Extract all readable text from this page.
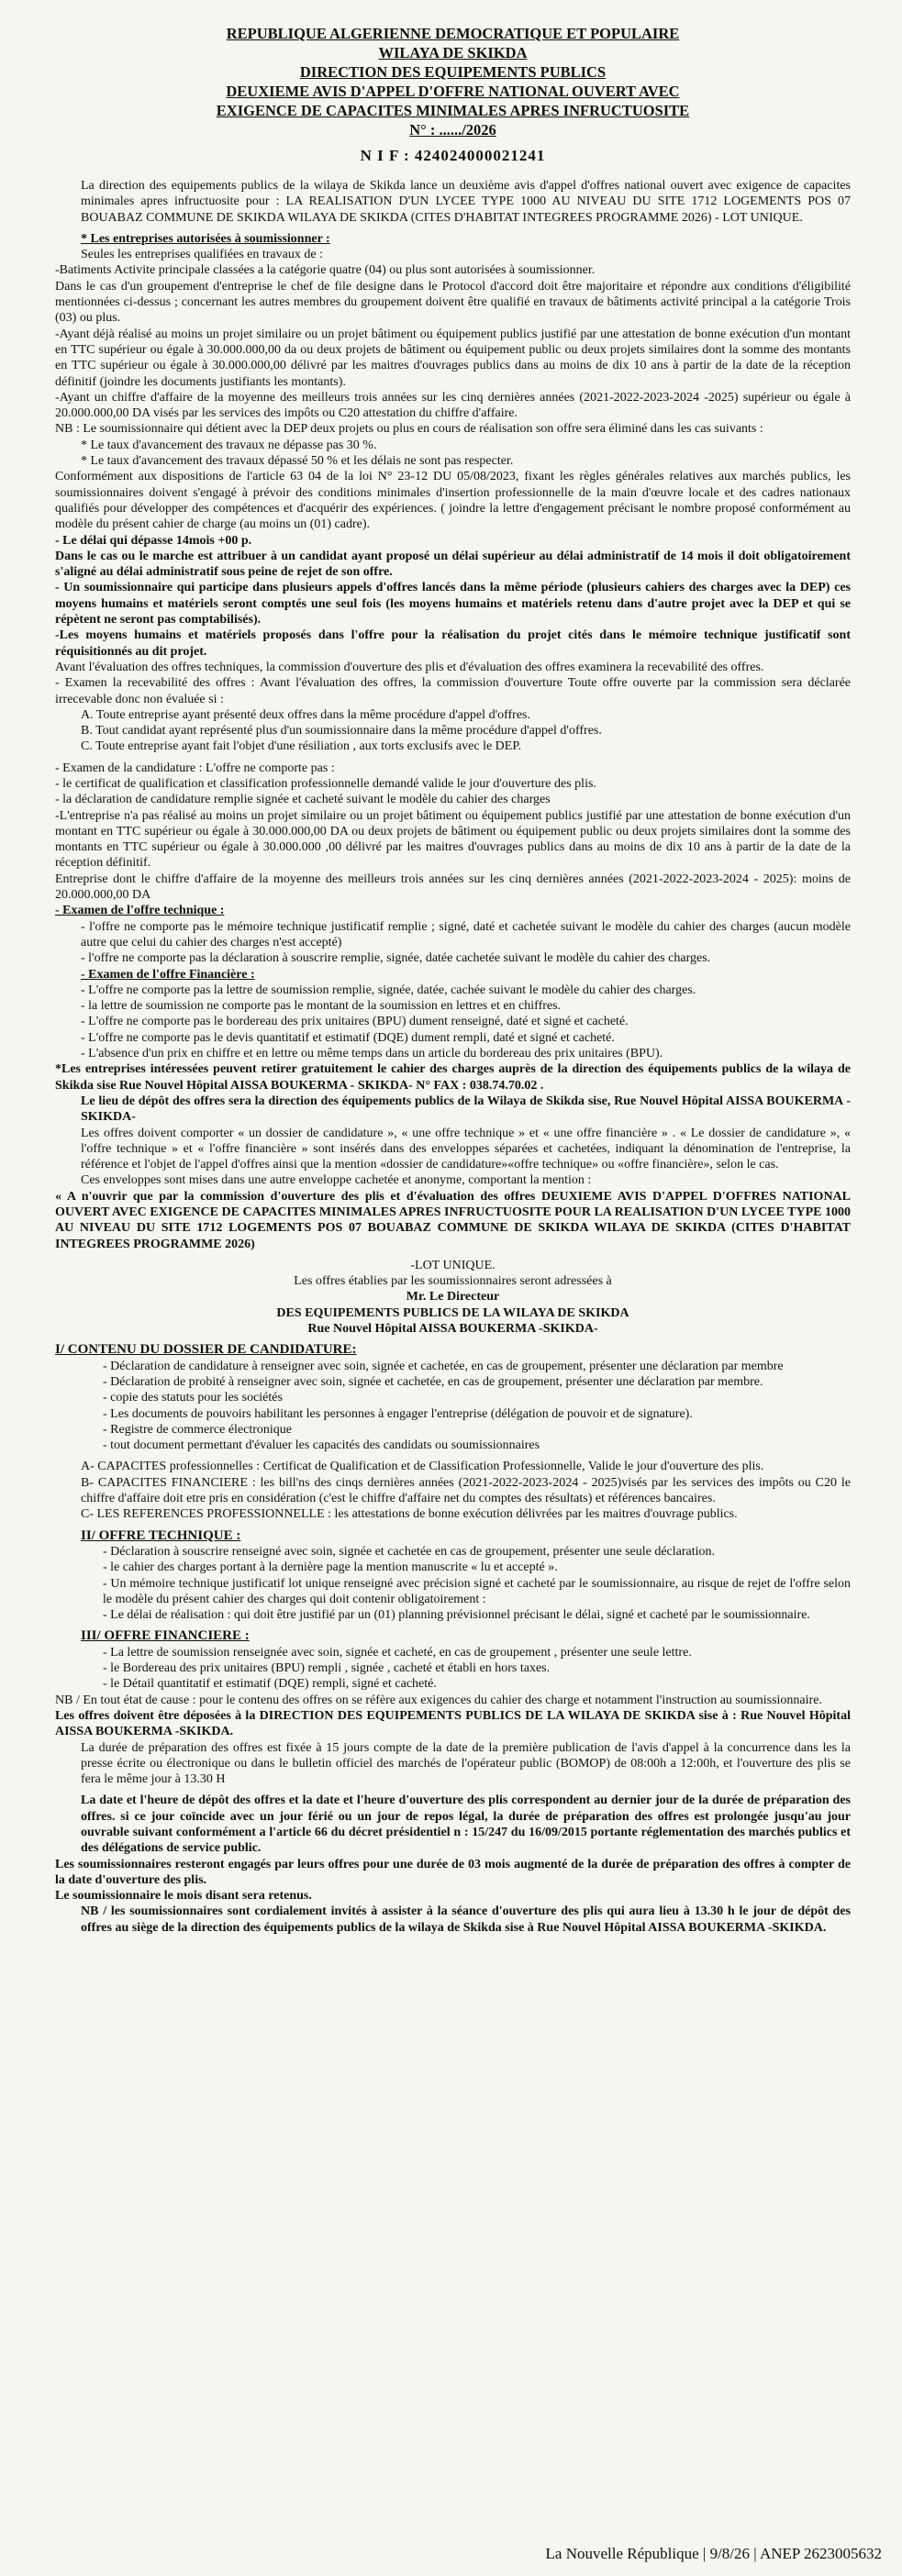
REPUBLIQUE ALGERIENNE DEMOCRATIQUE ET POPULAIRE
WILAYA DE SKIKDA
DIRECTION DES EQUIPEMENTS PUBLICS
DEUXIEME AVIS D'APPEL D'OFFRE NATIONAL OUVERT AVEC
EXIGENCE DE CAPACITES MINIMALES APRES INFRUCTUOSITE
N° : ....../2026
N I F : 424024000021241

La direction des equipements publics de la wilaya de Skikda lance un deuxième avis d'appel d'offres national ouvert avec exigence de capacites minimales apres infructuosite pour : LA REALISATION D'UN LYCEE TYPE 1000 AU NIVEAU DU SITE 1712 LOGEMENTS POS 07 BOUABAZ COMMUNE DE SKIKDA WILAYA DE SKIKDA (CITES D'HABITAT INTEGREES PROGRAMME 2026) - LOT UNIQUE.

* Les entreprises autorisées à soumissionner :

Seules les entreprises qualifiées en travaux de :

-Batiments Activite principale classées a la catégorie quatre (04) ou plus sont autorisées à soumissionner.

Dans le cas d'un groupement d'entreprise le chef de file designe dans le Protocol d'accord doit être majoritaire et répondre aux conditions d'éligibilité mentionnées ci-dessus ; concernant les autres membres du groupement doivent être qualifié en travaux de bâtiments activité principal a la catégorie Trois (03) ou plus.

-Ayant déjà réalisé au moins un projet similaire ou un projet bâtiment ou équipement publics justifié par une attestation de bonne exécution d'un montant en TTC supérieur ou égale à 30.000.000,00 da ou deux projets de bâtiment ou équipement public ou deux projets similaires dont la somme des montants en TTC supérieur ou égale à 30.000.000,00 délivré par les maitres d'ouvrages publics dans au moins de dix 10 ans à partir de la date de la réception définitif (joindre les documents justifiants les montants).

-Ayant un chiffre d'affaire de la moyenne des meilleurs trois années sur les cinq dernières années (2021-2022-2023-2024 -2025) supérieur ou égale à 20.000.000,00 DA visés par les services des impôts ou C20 attestation du chiffre d'affaire.

NB : Le soumissionnaire qui détient avec la DEP deux projets ou plus en cours de réalisation son offre sera éliminé dans les cas suivants :

* Le taux d'avancement des travaux ne dépasse pas 30 %.

* Le taux d'avancement des travaux dépassé 50 % et les délais ne sont pas respecter.

Conformément aux dispositions de l'article 63 04 de la loi N° 23-12 DU 05/08/2023, fixant les règles générales relatives aux marchés publics, les soumissionnaires doivent s'engagé à prévoir des conditions minimales d'insertion professionnelle de la main d'œuvre locale et des cadres nationaux qualifiés pour développer des compétences et d'acquérir des expériences. ( joindre la lettre d'engagement précisant le nombre proposé conformément au modèle du présent cahier de charge (au moins un (01) cadre).

- Le délai qui dépasse 14mois +00 p.

Dans le cas ou le marche est attribuer à un candidat ayant proposé un délai supérieur au délai administratif de 14 mois il doit obligatoirement s'aligné au délai administratif sous peine de rejet de son offre.

- Un soumissionnaire qui participe dans plusieurs appels d'offres lancés dans la même période (plusieurs cahiers des charges avec la DEP) ces moyens humains et matériels seront comptés une seul fois (les moyens humains et matériels retenu dans d'autre projet avec la DEP et qui se répètent ne seront pas comptabilisés).

-Les moyens humains et matériels proposés dans l'offre pour la réalisation du projet cités dans le mémoire technique justificatif sont réquisitionnés au dit projet.

Avant l'évaluation des offres techniques, la commission d'ouverture des plis et d'évaluation des offres examinera la recevabilité des offres.

- Examen la recevabilité des offres : Avant l'évaluation des offres, la commission d'ouverture Toute offre ouverte par la commission sera déclarée irrecevable donc non évaluée si :

A. Toute entreprise ayant présenté deux offres dans la même procédure d'appel d'offres.

B. Tout candidat ayant représenté plus d'un soumissionnaire dans la même procédure d'appel d'offres.

C. Toute entreprise ayant fait l'objet d'une résiliation , aux torts exclusifs avec le DEP.

- Examen de la candidature : L'offre ne comporte pas :

- le certificat de qualification et classification professionnelle demandé valide le jour d'ouverture des plis.

- la déclaration de candidature remplie signée et cacheté suivant le modèle du cahier des charges

-L'entreprise n'a pas réalisé au moins un projet similaire ou un projet bâtiment ou équipement publics justifié par une attestation de bonne exécution d'un montant en TTC supérieur ou égale à 30.000.000,00 DA ou deux projets de bâtiment ou équipement public ou deux projets similaires dont la somme des montants en TTC supérieur ou égale à 30.000.000 ,00 délivré par les maitres d'ouvrages publics dans au moins de dix 10 ans à partir de la date de la réception définitif.

Entreprise dont le chiffre d'affaire de la moyenne des meilleurs trois années sur les cinq dernières années (2021-2022-2023-2024 - 2025): moins de 20.000.000,00 DA

- Examen de l'offre technique :

- l'offre ne comporte pas le mémoire technique justificatif remplie ; signé, daté et cachetée suivant le modèle du cahier des charges (aucun modèle autre que celui du cahier des charges n'est accepté)

- l'offre ne comporte pas la déclaration à souscrire remplie, signée, datée cachetée suivant le modèle du cahier des charges.

- Examen de l'offre Financière :

- L'offre ne comporte pas la lettre de soumission remplie, signée, datée, cachée suivant le modèle du cahier des charges.

- la lettre de soumission ne comporte pas le montant de la soumission en lettres et en chiffres.

- L'offre ne comporte pas le bordereau des prix unitaires (BPU) dument renseigné, daté et signé et cacheté.

- L'offre ne comporte pas le devis quantitatif et estimatif (DQE) dument rempli, daté et signé et cacheté.

- L'absence d'un prix en chiffre et en lettre ou même temps dans un article du bordereau des prix unitaires (BPU).

*Les entreprises intéressées peuvent retirer gratuitement le cahier des charges auprès de la direction des équipements publics de la wilaya de Skikda sise Rue Nouvel Hôpital AISSA BOUKERMA - SKIKDA- N° FAX : 038.74.70.02 .

Le lieu de dépôt des offres sera la direction des équipements publics de la Wilaya de Skikda sise, Rue Nouvel Hôpital AISSA BOUKERMA -SKIKDA-

Les offres doivent comporter « un dossier de candidature », « une offre technique » et « une offre financière » . « Le dossier de candidature », « l'offre technique » et « l'offre financière » sont insérés dans des enveloppes séparées et cachetées, indiquant la dénomination de l'entreprise, la référence et l'objet de l'appel d'offres ainsi que la mention «dossier de candidature»«offre technique» ou «offre financière», selon le cas.

Ces enveloppes sont mises dans une autre enveloppe cachetée et anonyme, comportant la mention :

« A n'ouvrir que par la commission d'ouverture des plis et d'évaluation des offres DEUXIEME AVIS D'APPEL D'OFFRES NATIONAL OUVERT AVEC EXIGENCE DE CAPACITES MINIMALES APRES INFRUCTUOSITE POUR LA REALISATION D'UN LYCEE TYPE 1000 AU NIVEAU DU SITE 1712 LOGEMENTS POS 07 BOUABAZ COMMUNE DE SKIKDA WILAYA DE SKIKDA (CITES D'HABITAT INTEGREES PROGRAMME 2026)

-LOT UNIQUE.

Les offres établies par les soumissionnaires seront adressées à

Mr. Le Directeur

DES EQUIPEMENTS PUBLICS DE LA WILAYA DE SKIKDA

Rue Nouvel Hôpital AISSA BOUKERMA -SKIKDA-

I/ CONTENU DU DOSSIER DE CANDIDATURE:

- Déclaration de candidature à renseigner avec soin, signée et cachetée, en cas de groupement, présenter une déclaration par membre

- Déclaration de probité à renseigner avec soin, signée et cachetée, en cas de groupement, présenter une déclaration par membre.

- copie des statuts pour les sociétés

- Les documents de pouvoirs habilitant les personnes à engager l'entreprise (délégation de pouvoir et de signature).

- Registre de commerce électronique

- tout document permettant d'évaluer les capacités des candidats ou soumissionnaires

A- CAPACITES professionnelles : Certificat de Qualification et de Classification Professionnelle, Valide le jour d'ouverture des plis.

B- CAPACITES FINANCIERE : les bill'ns des cinqs dernières années (2021-2022-2023-2024 - 2025)visés par les services des impôts ou C20 le chiffre d'affaire doit etre pris en considération (c'est le chiffre d'affaire net du comptes des résultats) et références bancaires.

C- LES REFERENCES PROFESSIONNELLE : les attestations de bonne exécution délivrées par les maitres d'ouvrage publics.

II/ OFFRE TECHNIQUE :

- Déclaration à souscrire renseigné avec soin, signée et cachetée en cas de groupement, présenter une seule déclaration.

- le cahier des charges portant à la dernière page la mention manuscrite « lu et accepté ».

- Un mémoire technique justificatif lot unique renseigné avec précision signé et cacheté par le soumissionnaire, au risque de rejet de l'offre selon le modèle du présent cahier des charges qui doit contenir obligatoirement :

- Le délai de réalisation : qui doit être justifié par un (01) planning prévisionnel précisant le délai, signé et cacheté par le soumissionnaire.

III/ OFFRE FINANCIERE :

- La lettre de soumission renseignée avec soin, signée et cacheté, en cas de groupement , présenter une seule lettre.

- le Bordereau des prix unitaires (BPU) rempli , signée , cacheté et établi en hors taxes.

- le Détail quantitatif et estimatif (DQE) rempli, signé et cacheté.

NB / En tout état de cause : pour le contenu des offres on se réfère aux exigences du cahier des charge et notamment l'instruction au soumissionnaire.

Les offres doivent être déposées à la DIRECTION DES EQUIPEMENTS PUBLICS DE LA WILAYA DE SKIKDA sise à : Rue Nouvel Hôpital AISSA BOUKERMA -SKIKDA.

La durée de préparation des offres est fixée à 15 jours compte de la date de la première publication de l'avis d'appel à la concurrence dans les la presse écrite ou électronique ou dans le bulletin officiel des marchés de l'opérateur public (BOMOP) de 08:00h a 12:00h, et l'ouverture des plis se fera le même jour à 13.30 H

La date et l'heure de dépôt des offres et la date et l'heure d'ouverture des plis correspondent au dernier jour de la durée de préparation des offres. si ce jour coïncide avec un jour férié ou un jour de repos légal, la durée de préparation des offres est prolongée jusqu'au jour ouvrable suivant conformément a l'article 66 du décret présidentiel n : 15/247 du 16/09/2015 portante réglementation des marchés publics et des délégations de service public.

Les soumissionnaires resteront engagés par leurs offres pour une durée de 03 mois augmenté de la durée de préparation des offres à compter de la date d'ouverture des plis.

Le soumissionnaire le mois disant sera retenus.

NB / les soumissionnaires sont cordialement invités à assister à la séance d'ouverture des plis qui aura lieu à 13.30 h le jour de dépôt des offres au siège de la direction des équipements publics de la wilaya de Skikda sise à Rue Nouvel Hôpital AISSA BOUKERMA -SKIKDA.

La Nouvelle République | 9/8/26 | ANEP 2623005632
